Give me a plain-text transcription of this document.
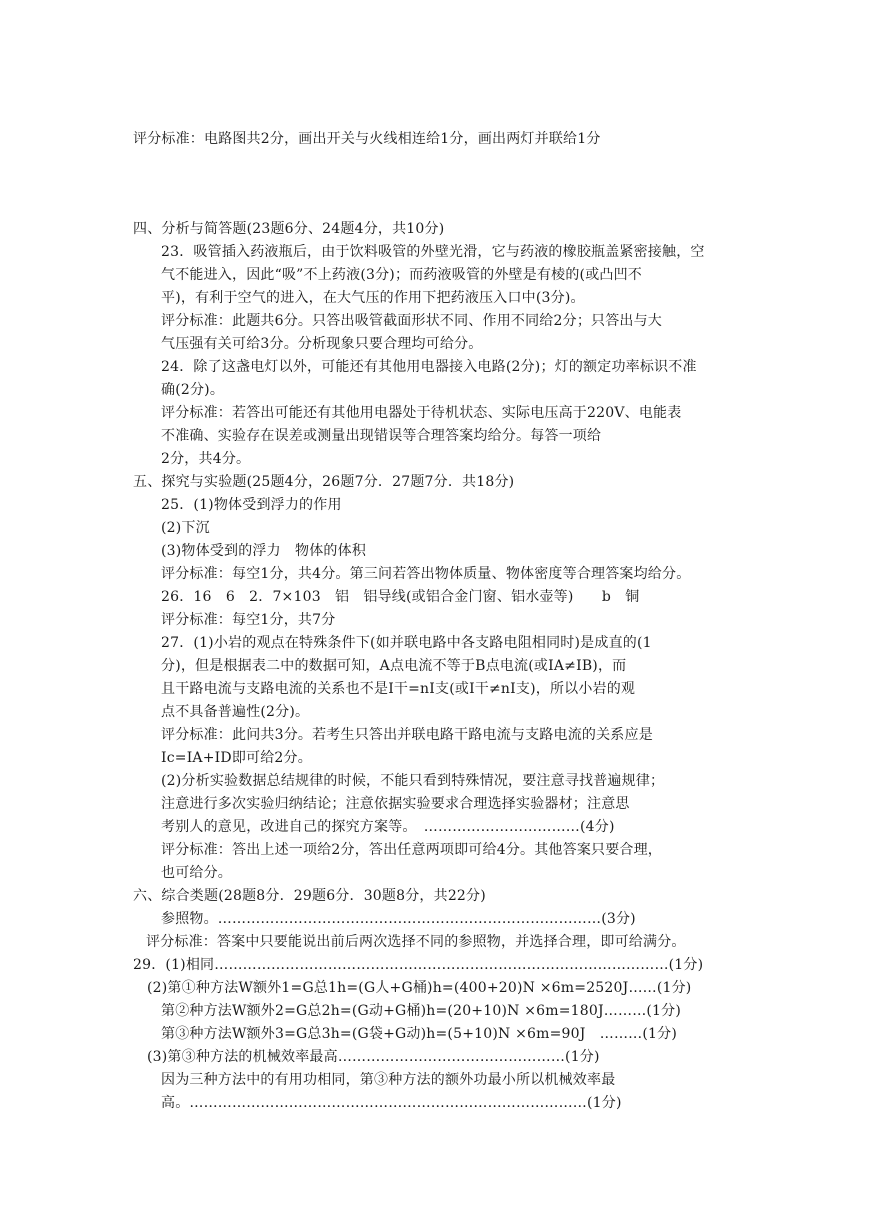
评分标准：电路图共2分，画出开关与火线相连给1分，画出两灯并联给1分
四、分析与简答题(23题6分、24题4分，共10分)
23．吸管插入药液瓶后，由于饮料吸管的外壁光滑，它与药液的橡胶瓶盖紧密接触，空
气不能进入，因此“吸”不上药液(3分)；而药液吸管的外壁是有棱的(或凸凹不
平)，有利于空气的进入，在大气压的作用下把药液压入口中(3分)。
评分标准：此题共6分。只答出吸管截面形状不同、作用不同给2分；只答出与大
气压强有关可给3分。分析现象只要合理均可给分。
24．除了这盏电灯以外，可能还有其他用电器接入电路(2分)；灯的额定功率标识不准
确(2分)。
评分标准：若答出可能还有其他用电器处于待机状态、实际电压高于220V、电能表
不准确、实验存在误差或测量出现错误等合理答案均给分。每答一项给
2分，共4分。
五、探究与实验题(25题4分，26题7分．27题7分．共18分)
25．(1)物体受到浮力的作用
(2)下沉
(3)物体受到的浮力　物体的体积
评分标准：每空1分，共4分。第三问若答出物体质量、物体密度等合理答案均给分。
26．16　6　2．7×103　铝　铝导线(或铝合金门窗、铝水壶等)　　b　铜
评分标准：每空1分，共7分
27．(1)小岩的观点在特殊条件下(如并联电路中各支路电阻相同时)是成直的(1
分)，但是根据表二中的数据可知，A点电流不等于B点电流(或IA≠IB)，而
且干路电流与支路电流的关系也不是I干=nI支(或I干≠nI支)，所以小岩的观
点不具备普遍性(2分)。
评分标准：此问共3分。若考生只答出并联电路干路电流与支路电流的关系应是
Ic=IA+ID即可给2分。
(2)分析实验数据总结规律的时候，不能只看到特殊情况，要注意寻找普遍规律；
注意进行多次实验归纳结论；注意依据实验要求合理选择实验器材；注意思
考别人的意见，改进自己的探究方案等。　……………………………(4分)
评分标准：答出上述一项给2分，答出任意两项即可给4分。其他答案只要合理，
也可给分。
六、综合类题(28题8分．29题6分．30题8分，共22分)
参照物。………………………………………………………………………(3分)
评分标准：答案中只要能说出前后两次选择不同的参照物，并选择合理，即可给满分。
29．(1)相同……………………………………………………………………………………(1分)
(2)第①种方法W额外1=G总1h=(G人+G桶)h=(400+20)N ×6m=2520J……(1分)
第②种方法W额外2=G总2h=(G动+G桶)h=(20+10)N ×6m=180J………(1分)
第③种方法W额外3=G总3h=(G袋+G动)h=(5+10)N ×6m=90J　………(1分)
(3)第③种方法的机械效率最高…………………………………………(1分)
因为三种方法中的有用功相同，第③种方法的额外功最小所以机械效率最
高。…………………………………………………………………………(1分)
